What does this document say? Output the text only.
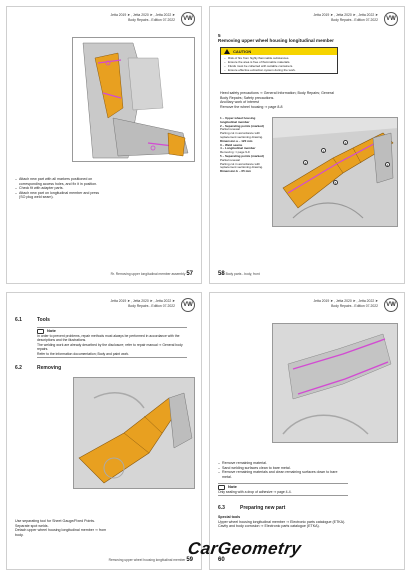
Jetta 2019 ➤ , Jetta 2020 ➤ , Jetta 2022 ➤
Body Repairs - Edition 07.2022	VW
– Attach new part with all markers positioned on corresponding access holes, and fix it in position.
– Check fit with adapter parts.
– Attach new part on longitudinal member and press (SO plug weld seam).
Rr. Removing upper longitudinal member assembly 57
Jetta 2019 ➤ , Jetta 2020 ➤ , Jetta 2022 ➤
Body Repairs - Edition 07.2022	VW
5Removing upper wheel housing longitudinal member
CAUTION
– Risk of fire from highly flammable substances.
– Ensure the area is free of flammable materials.
– Fluids must be collected with suitable containers.
– Ensure effective extraction system during the work.
Heed safety precautions ⇒ General Information; Body Repairs; General Body Repairs; Safety precautions.
Ancillary work of interest
Remove the wheel housing ⇒ page 8-8
1 – Upper wheel housing longitudinal member
2 – Separating points (marked)
Partial renewal
Parting cut in accordance with replacement sectioning drawing.
Dimension a ~ 120 mm
3 – Weld seams
4 – Longitudinal member
Removing ⇒ page 9-9
5 – Separating points (marked)
Partial renewal
Parting cut in accordance with replacement sectioning drawing.
Dimension b ~ 65 mm
1
2
3
4
5
58 Body parts - body, front
Jetta 2019 ➤ , Jetta 2020 ➤ , Jetta 2022 ➤
Body Repairs - Edition 07.2022	VW
6.1	Tools
Note
In order to prevent problems, repair methods must always be performed in accordance with the descriptions and the illustrations.
The welding work are already described by the disclosure; refer to repair manual ⇒ General body repairs.
Refer to the information documentation; Body and paint work.
6.2	Removing
Use separating tool for Sheet Gauge/Fixed Points.
Separate spot welds.
Detach upper wheel housing longitudinal member ⇒ from body.
Removing upper wheel housing longitudinal member 59
Jetta 2019 ➤ , Jetta 2020 ➤ , Jetta 2022 ➤
Body Repairs - Edition 07.2022	VW
– Remove remaining material.
– Sand welding surfaces clean to bare metal.
– Remove remaining materials and clean remaining surfaces down to bare metal.
Note
Only sealing with a drop of adhesive ⇒ page 4-4.
6.3	Preparing new part
Special tools
Upper wheel housing longitudinal member ⇒ Electronic parts catalogue (ETKA).
Cavity and body corrosion ⇒ Electronic parts catalogue (ETKA).
60
CarGeometry
